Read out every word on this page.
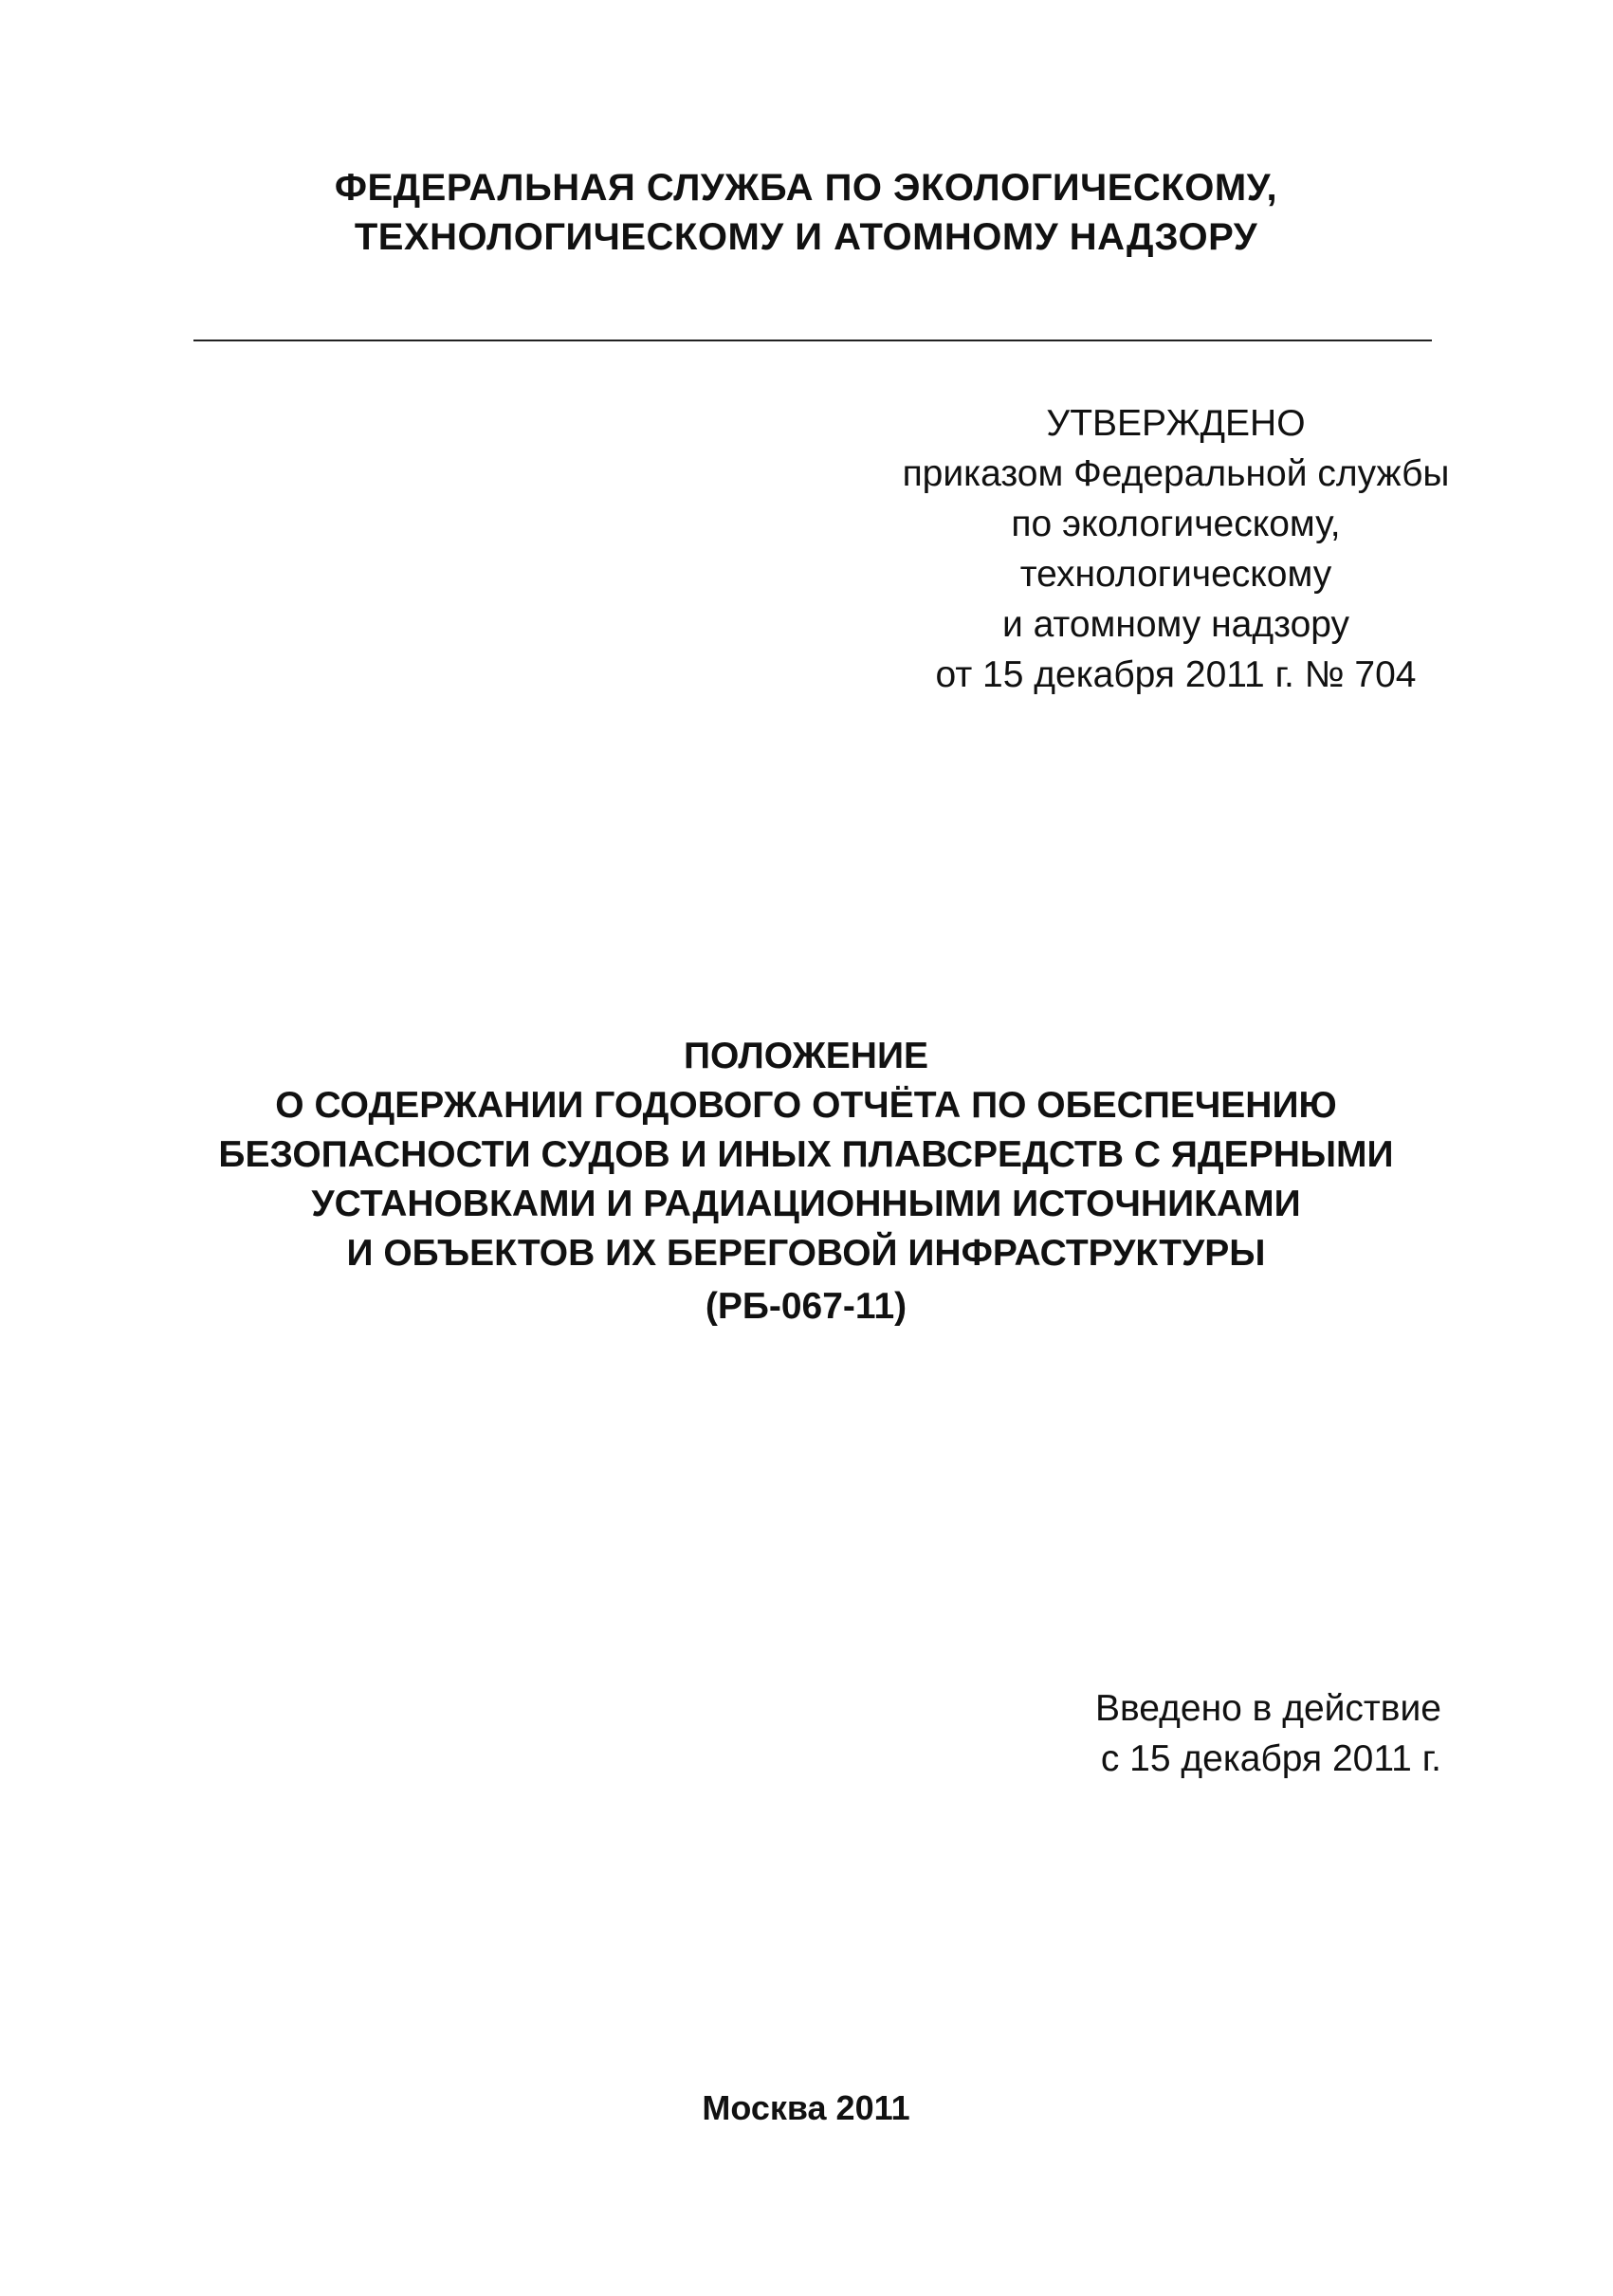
ФЕДЕРАЛЬНАЯ СЛУЖБА ПО ЭКОЛОГИЧЕСКОМУ,
ТЕХНОЛОГИЧЕСКОМУ И АТОМНОМУ НАДЗОРУ
УТВЕРЖДЕНО
приказом Федеральной службы
по экологическому,
технологическому
и атомному надзору
от 15 декабря 2011 г. № 704
ПОЛОЖЕНИЕ
О СОДЕРЖАНИИ ГОДОВОГО ОТЧЁТА ПО ОБЕСПЕЧЕНИЮ
БЕЗОПАСНОСТИ СУДОВ И ИНЫХ ПЛАВСРЕДСТВ С ЯДЕРНЫМИ
УСТАНОВКАМИ И РАДИАЦИОННЫМИ ИСТОЧНИКАМИ
И ОБЪЕКТОВ ИХ БЕРЕГОВОЙ ИНФРАСТРУКТУРЫ
(РБ-067-11)
Введено в действие
с 15 декабря 2011 г.
Москва 2011
